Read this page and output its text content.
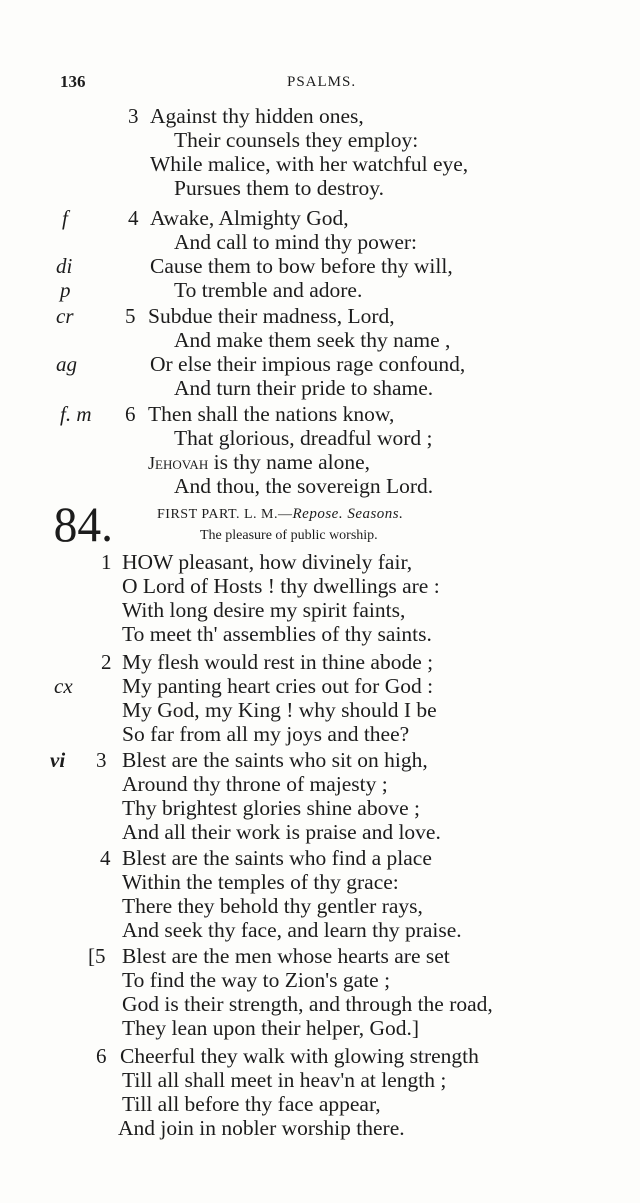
136	PSALMS.
3 Against thy hidden ones,
Their counsels they employ:
While malice, with her watchful eye,
Pursues them to destroy.
f	4 Awake, Almighty God,
And call to mind thy power:
di	Cause them to bow before thy will,
p	To tremble and adore.
cr 5 Subdue their madness, Lord,
And make them seek thy name ,
ag	Or else their impious rage confound,
And turn their pride to shame.
f. m 6 Then shall the nations know,
That glorious, dreadful word ;
Jehovah is thy name alone,
And thou, the sovereign Lord.
84.	FIRST PART. L. M.—Repose. Seasons.
The pleasure of public worship.
1 HOW pleasant, how divinely fair,
O Lord of Hosts ! thy dwellings are :
With long desire my spirit faints,
To meet th' assemblies of thy saints.
2 My flesh would rest in thine abode ;
cx My panting heart cries out for God :
My God, my King ! why should I be
So far from all my joys and thee?
vi 3 Blest are the saints who sit on high,
Around thy throne of majesty ;
Thy brightest glories shine above ;
And all their work is praise and love.
4 Blest are the saints who find a place
Within the temples of thy grace:
There they behold thy gentler rays,
And seek thy face, and learn thy praise.
[5 Blest are the men whose hearts are set
To find the way to Zion's gate ;
God is their strength, and through the road,
They lean upon their helper, God.]
6 Cheerful they walk with glowing strength
Till all shall meet in heav'n at length ;
Till all before thy face appear,
And join in nobler worship there.
